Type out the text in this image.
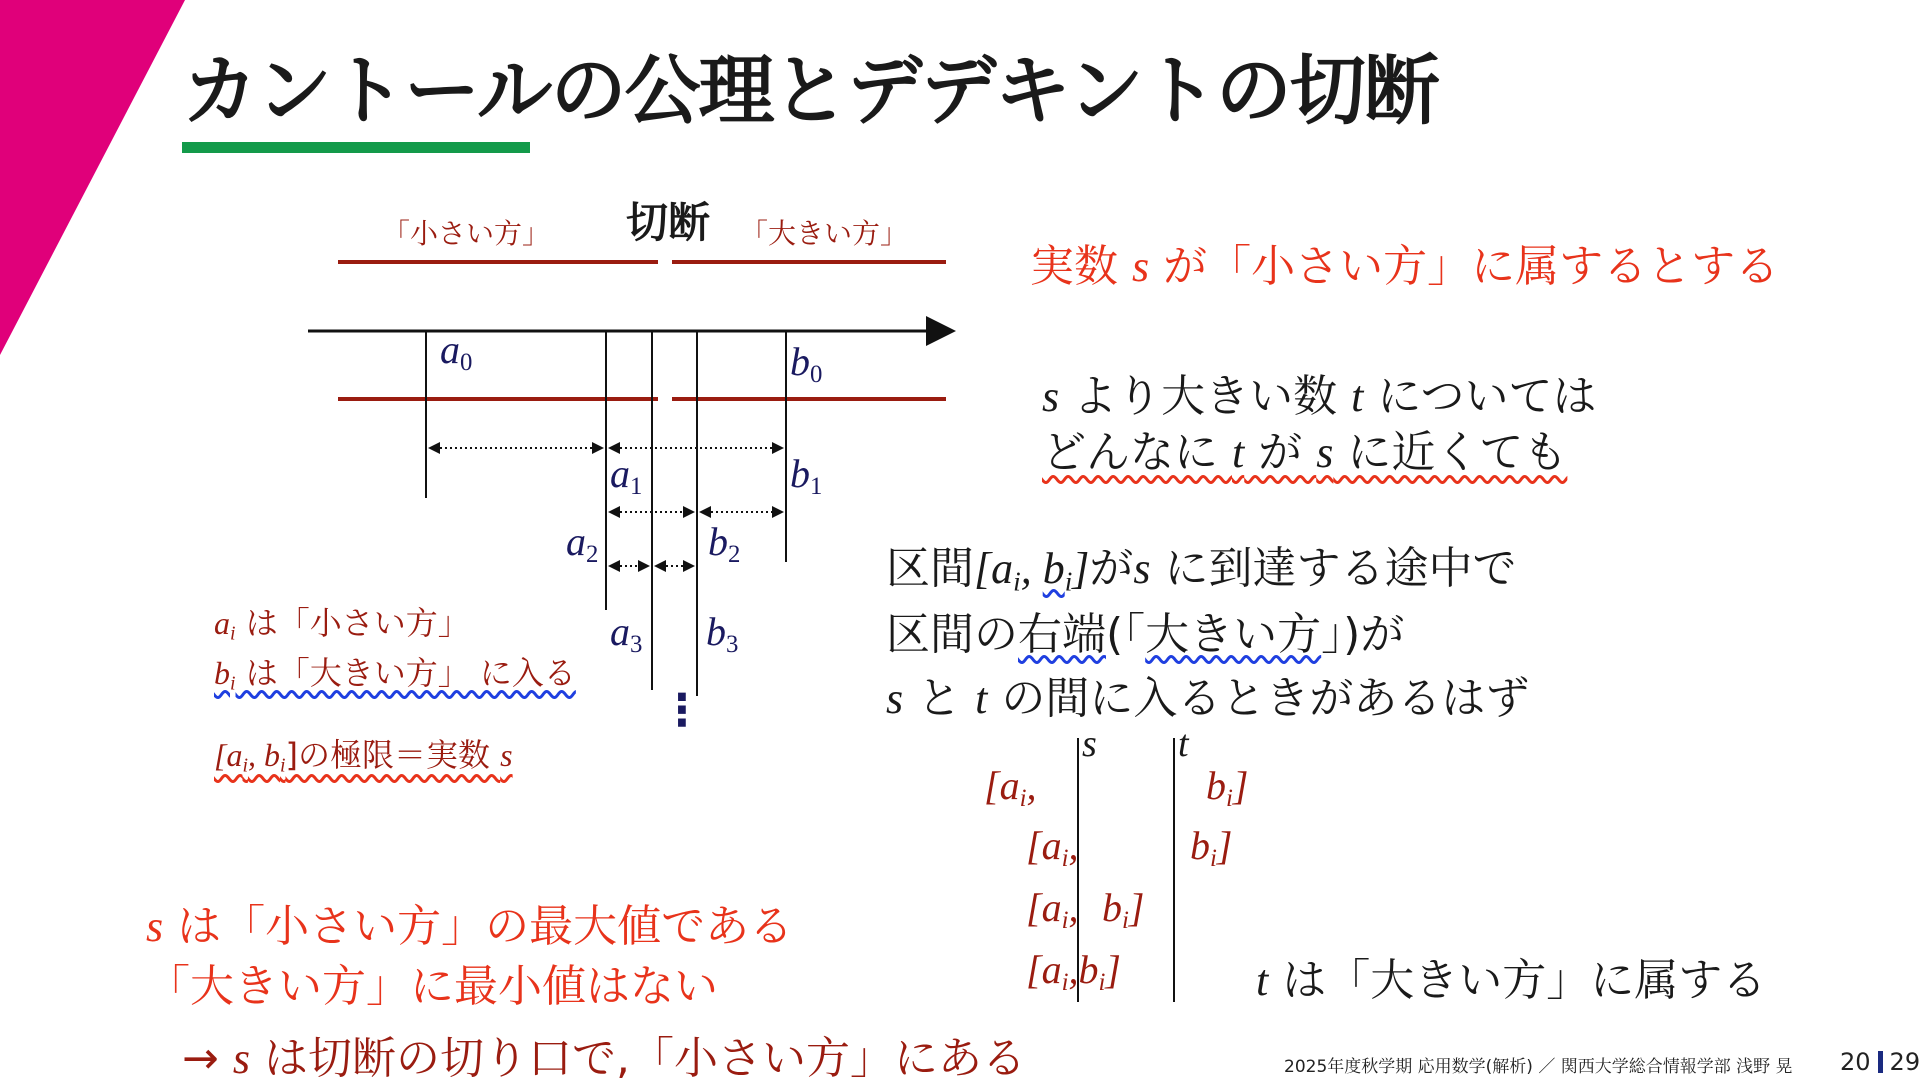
カントールの公理とデデキントの切断
「小さい方」 切断 「大きい方」
$a_0$	$b_0$
$a_1$	$b_1$
$a_2$	$b_2$
$a_3$ $b_3$
⋮
ai は「小さい方」
bi は「大きい方」 に入る
[ai, bi]の極限＝実数 s
実数 s が「小さい方」に属するとする
s より大きい数 t については
どんなに t が s に近くても
区間[ai, bi]がs に到達する途中で
区間の右端(「大きい方」)が
s と t の間に入るときがあるはず
s t
[ai,	bi]
[ai,	bi]
[ai, bi]
[ai,bi]	t は「大きい方」に属する
s は「小さい方」の最大値である
「大きい方」に最小値はない
→ s は切断の切り口で,「小さい方」にある	2025年度秋学期 応用数学(解析) ／ 関西大学総合情報学部 浅野 晃 20 29
